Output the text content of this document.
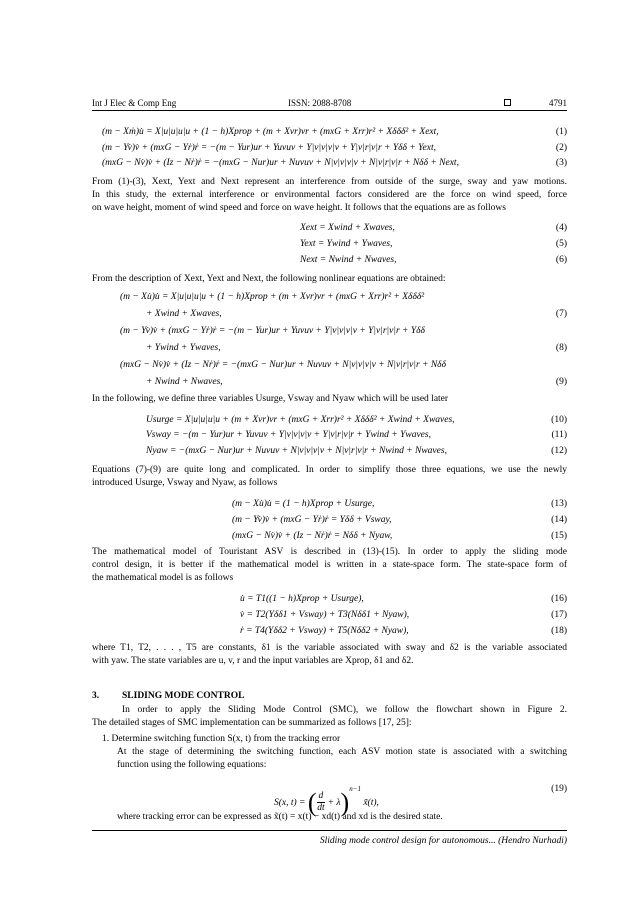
Int J Elec & Comp Eng	ISSN: 2088-8708	4791
(m − Xṁ)u̇ = X|u|u|u|u + (1 − h)Xprop + (m + Xvr)vr + (mxG + Xrr)r² + Xδδδ² + Xext,	(1)
(m − Yv̇)v̇ + (mxG − Yṙ)ṙ = −(m − Yur)ur + Yuvuv + Y|v|v|v|v + Y|v|r|v|r + Yδδ + Yext,	(2)
(mxG − Nv̇)v̇ + (Iz − Nṙ)ṙ = −(mxG − Nur)ur + Nuvuv + N|v|v|v|v + N|v|r|v|r + Nδδ + Next,	(3)
From (1)-(3), Xext, Yext and Next represent an interference from outside of the surge, sway and yaw motions.
In this study, the external interference or environmental factors considered are the force on wind speed, force
on wave height, moment of wind speed and force on wave height. It follows that the equations are as follows
Xext = Xwind + Xwaves,	(4)
Yext = Ywind + Ywaves,	(5)
Next = Nwind + Nwaves,	(6)
From the description of Xext, Yext and Next, the following nonlinear equations are obtained:
(m − Xu̇)u̇ = X|u|u|u|u + (1 − h)Xprop + (m + Xvr)vr + (mxG + Xrr)r² + Xδδδ²
+ Xwind + Xwaves,	(7)
(m − Yv̇)v̇ + (mxG − Yṙ)ṙ = −(m − Yur)ur + Yuvuv + Y|v|v|v|v + Y|v|r|v|r + Yδδ
+ Ywind + Ywaves,	(8)
(mxG − Nv̇)v̇ + (Iz − Nṙ)ṙ = −(mxG − Nur)ur + Nuvuv + N|v|v|v|v + N|v|r|v|r + Nδδ
+ Nwind + Nwaves,	(9)
In the following, we define three variables Usurge, Vsway and Nyaw which will be used later
Usurge = X|u|u|u|u + (m + Xvr)vr + (mxG + Xrr)r² + Xδδδ² + Xwind + Xwaves,	(10)
Vsway = −(m − Yur)ur + Yuvuv + Y|v|v|v|v + Y|v|r|v|r + Ywind + Ywaves,	(11)
Nyaw = −(mxG − Nur)ur + Nuvuv + N|v|v|v|v + N|v|r|v|r + Nwind + Nwaves,	(12)
Equations (7)-(9) are quite long and complicated. In order to simplify those three equations, we use the newly
introduced Usurge, Vsway and Nyaw, as follows
(m − Xu̇)u̇ = (1 − h)Xprop + Usurge,	(13)
(m − Yv̇)v̇ + (mxG − Yṙ)ṙ = Yδδ + Vsway,	(14)
(mxG − Nv̇)v̇ + (Iz − Nṙ)ṙ = Nδδ + Nyaw,	(15)
The mathematical model of Touristant ASV is described in (13)-(15). In order to apply the sliding mode
control design, it is better if the mathematical model is written in a state-space form. The state-space form of
the mathematical model is as follows
u̇ = T1((1 − h)Xprop + Usurge),	(16)
v̇ = T2(Yδδ1 + Vsway) + T3(Nδδ1 + Nyaw),	(17)
ṙ = T4(Yδδ2 + Vsway) + T5(Nδδ2 + Nyaw),	(18)
where T1, T2, . . . , T5 are constants, δ1 is the variable associated with sway and δ2 is the variable associated
with yaw. The state variables are u, v, r and the input variables are Xprop, δ1 and δ2.
3. SLIDING MODE CONTROL
In order to apply the Sliding Mode Control (SMC), we follow the flowchart shown in Figure 2.
The detailed stages of SMC implementation can be summarized as follows [17, 25]:
1. Determine switching function S(x, t) from the tracking error
At the stage of determining the switching function, each ASV motion state is associated with a switching
function using the following equations:
S(x, t) = ( $\frac{d}{dt} + \lambda)^{n-1}$ x̃(t),
(19)
where tracking error can be expressed as x̃(t) = x(t) − xd(t) and xd is the desired state.
Sliding mode control design for autonomous... (Hendro Nurhadi)
